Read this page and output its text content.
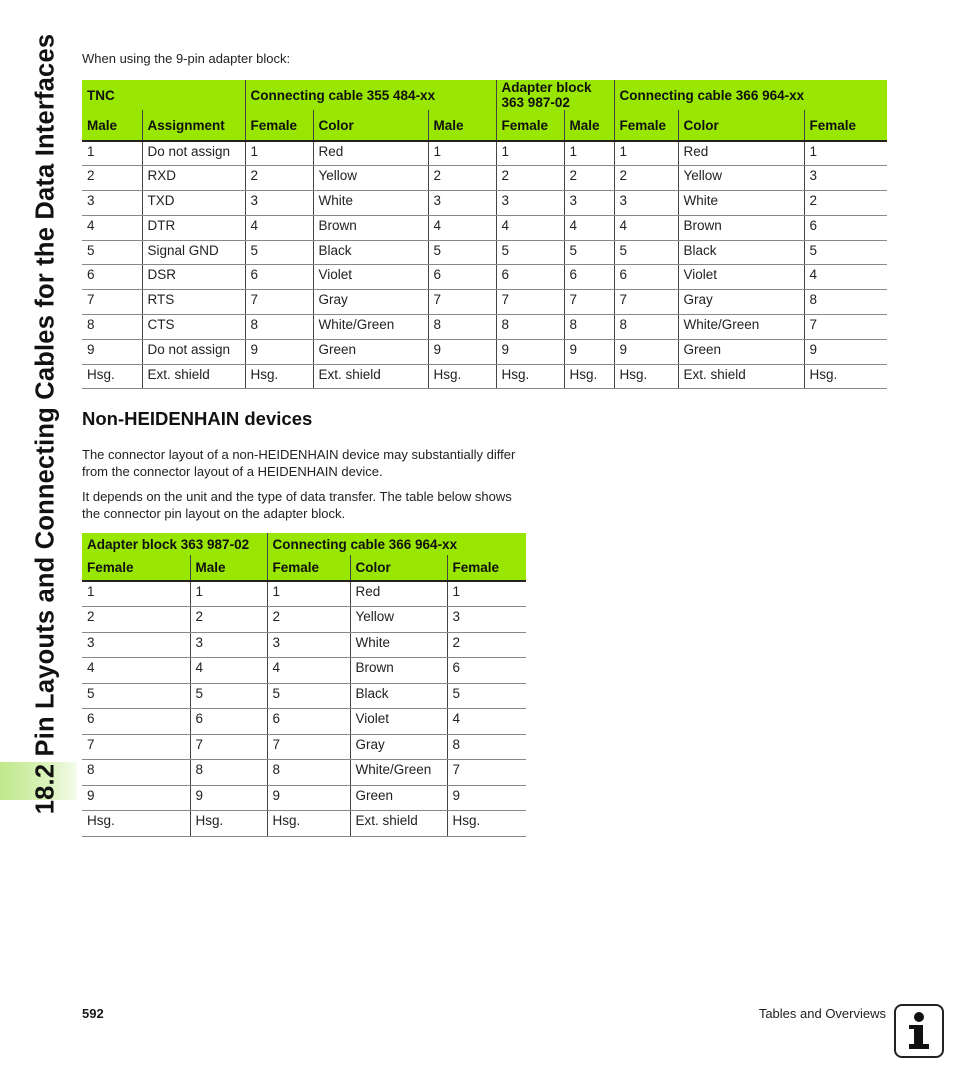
18.2 Pin Layouts and Connecting Cables for the Data Interfaces When using the 9-pin adapter block:
TNC		Connecting cable 355 484-xx			Adapter block 363 987-02		Connecting cable 366 964-xx		
Male	Assignment	Female	Color	Male	Female	Male	Female	Color	Female
1	Do not assign	1	Red	1	1	1	1	Red	1
2	RXD	2	Yellow	2	2	2	2	Yellow	3
3	TXD	3	White	3	3	3	3	White	2
4	DTR	4	Brown	4	4	4	4	Brown	6
5	Signal GND	5	Black	5	5	5	5	Black	5
6	DSR	6	Violet	6	6	6	6	Violet	4
7	RTS	7	Gray	7	7	7	7	Gray	8
8	CTS	8	White/Green	8	8	8	8	White/Green	7
9	Do not assign	9	Green	9	9	9	9	Green	9
Hsg.	Ext. shield	Hsg.	Ext. shield	Hsg.	Hsg.	Hsg.	Hsg.	Ext. shield	Hsg.
Non-HEIDENHAIN devices

The connector layout of a non-HEIDENHAIN device may substantially differ from the connector layout of a HEIDENHAIN device.

It depends on the unit and the type of data transfer. The table below shows the connector pin layout on the adapter block.

Adapter block 363 987-02		Connecting cable 366 964-xx		
Female	Male	Female	Color	Female
1	1	1	Red	1
2	2	2	Yellow	3
3	3	3	White	2
4	4	4	Brown	6
5	5	5	Black	5
6	6	6	Violet	4
7	7	7	Gray	8
8	8	8	White/Green	7
9	9	9	Green	9
Hsg.	Hsg.	Hsg.	Ext. shield	Hsg.
592	Tables and Overviews
